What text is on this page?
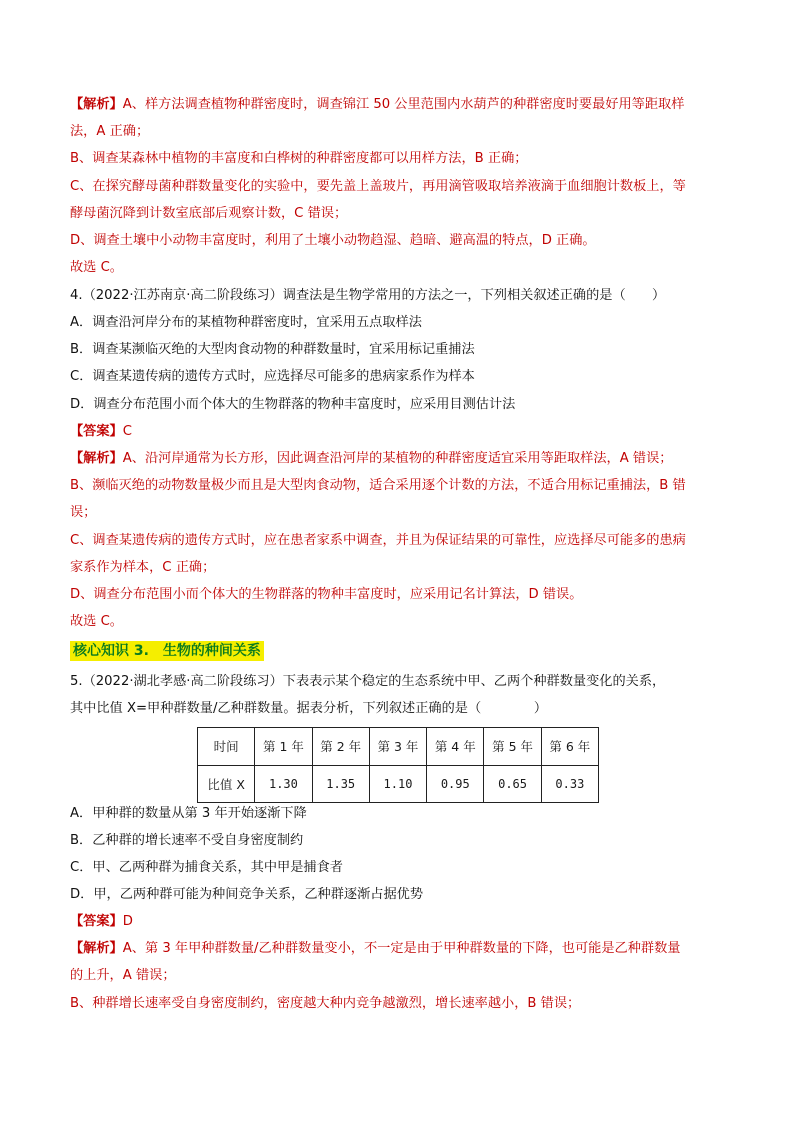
【解析】A、样方法调查植物种群密度时，调查锦江 50 公里范围内水葫芦的种群密度时要最好用等距取样
法，A 正确；
B、调查某森林中植物的丰富度和白桦树的种群密度都可以用样方法，B 正确；
C、在探究酵母菌种群数量变化的实验中，要先盖上盖玻片，再用滴管吸取培养液滴于血细胞计数板上，等
酵母菌沉降到计数室底部后观察计数，C 错误；
D、调查土壤中小动物丰富度时，利用了土壤小动物趋湿、趋暗、避高温的特点，D 正确。
故选 C。
4.（2022·江苏南京·高二阶段练习）调查法是生物学常用的方法之一，下列相关叙述正确的是（　　）
A．调查沿河岸分布的某植物种群密度时，宜采用五点取样法
B．调查某濒临灭绝的大型肉食动物的种群数量时，宜采用标记重捕法
C．调查某遗传病的遗传方式时，应选择尽可能多的患病家系作为样本
D．调查分布范围小而个体大的生物群落的物种丰富度时，应采用目测估计法
【答案】C
【解析】A、沿河岸通常为长方形，因此调查沿河岸的某植物的种群密度适宜采用等距取样法，A 错误；
B、濒临灭绝的动物数量极少而且是大型肉食动物，适合采用逐个计数的方法，不适合用标记重捕法，B 错
误；
C、调查某遗传病的遗传方式时，应在患者家系中调查，并且为保证结果的可靠性，应选择尽可能多的患病
家系作为样本，C 正确；
D、调查分布范围小而个体大的生物群落的物种丰富度时，应采用记名计算法，D 错误。
故选 C。
核心知识 3.　生物的种间关系
5.（2022·湖北孝感·高二阶段练习）下表表示某个稳定的生态系统中甲、乙两个种群数量变化的关系，
其中比值 X=甲种群数量/乙种群数量。据表分析，下列叙述正确的是（　　　　）
时间	第 1 年	第 2 年	第 3 年	第 4 年	第 5 年	第 6 年
比值 X	1.30	1.35	1.10	0.95	0.65	0.33
A．甲种群的数量从第 3 年开始逐渐下降
B．乙种群的增长速率不受自身密度制约
C．甲、乙两种群为捕食关系，其中甲是捕食者
D．甲，乙两种群可能为种间竞争关系，乙种群逐渐占据优势
【答案】D
【解析】A、第 3 年甲种群数量/乙种群数量变小，不一定是由于甲种群数量的下降，也可能是乙种群数量
的上升，A 错误；
B、种群增长速率受自身密度制约，密度越大种内竞争越激烈，增长速率越小，B 错误；
